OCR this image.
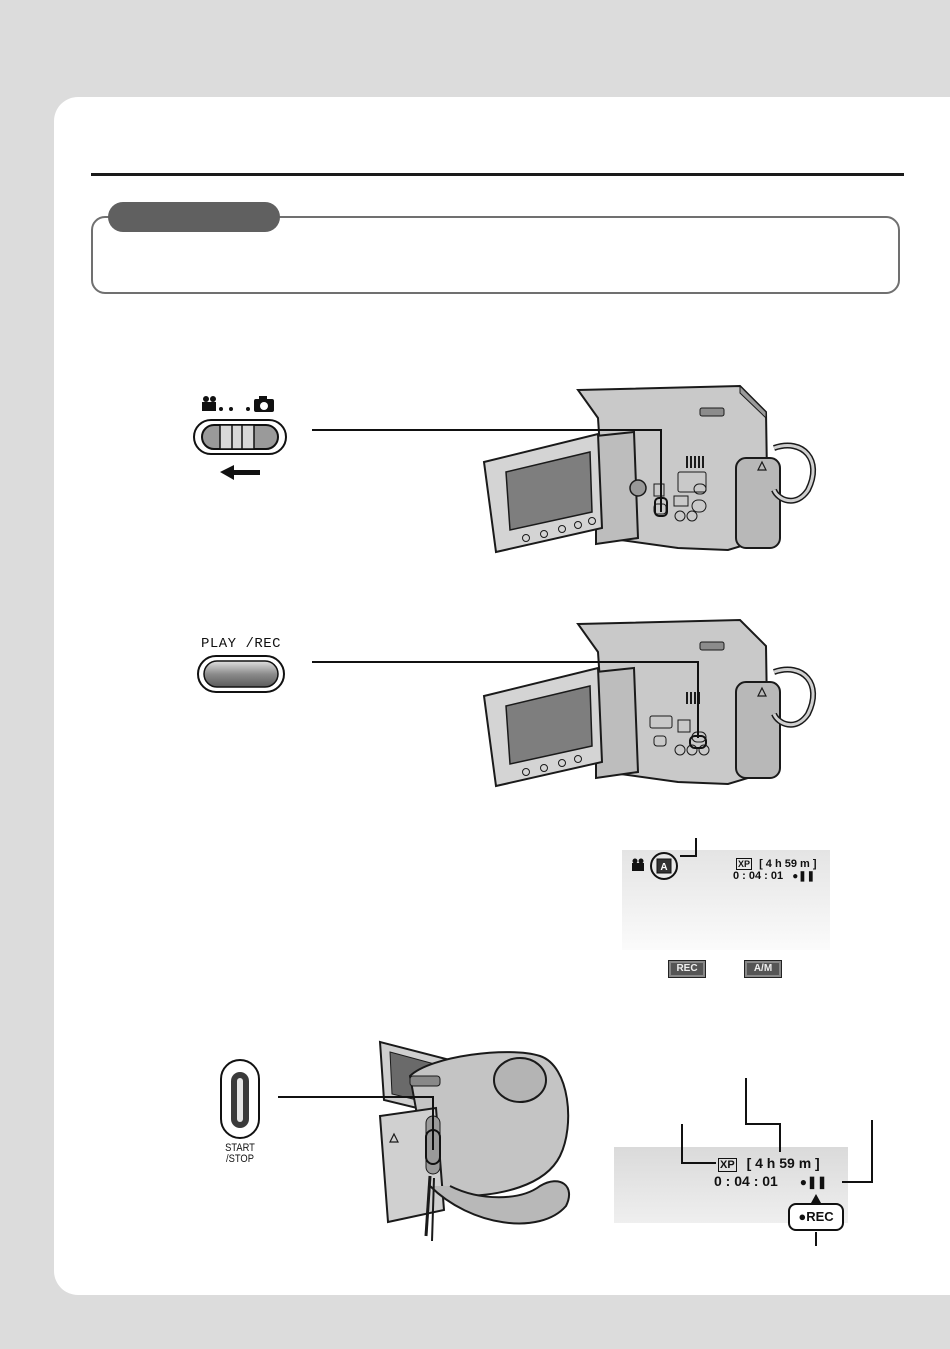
PLAY /REC
START
/STOP
A	XP [ 4 h 59 m ]
0 : 04 : 01 ●❚❚
REC	A/M
XP [ 4 h 59 m ]
0 : 04 : 01 ●❚❚
●REC
